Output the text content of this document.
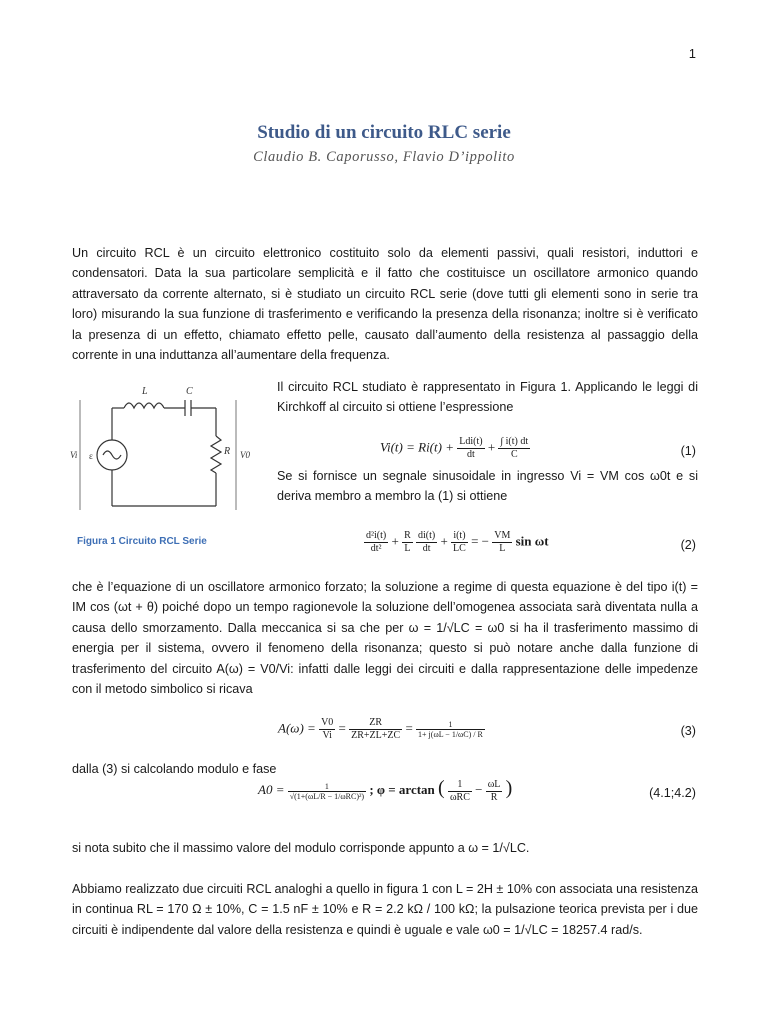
1
Studio di un circuito RLC serie
Claudio B. Caporusso, Flavio D’ippolito
Un circuito RCL è un circuito elettronico costituito solo da elementi passivi, quali resistori, induttori e condensatori. Data la sua particolare semplicità e il fatto che costituisce un oscillatore armonico quando attraversato da corrente alternato, si è studiato un circuito RCL serie (dove tutti gli elementi sono in serie tra loro) misurando la sua funzione di trasferimento e verificando la presenza della risonanza; inoltre si è verificato la presenza di un effetto, chiamato effetto pelle, causato dall’aumento della resistenza al passaggio della corrente in una induttanza all’aumentare della frequenza.
L	C
R
Vi	V0
ε
Figura 1 Circuito RCL Serie
Il circuito RCL studiato è rappresentato in Figura 1. Applicando le leggi di Kirchkoff al circuito si ottiene l’espressione
$Vi(t) = Ri(t) + \frac{\text{Ldi(t)}}{dt} + \frac{\int i(t) dt}{C}$	(1)
Se si fornisce un segnale sinusoidale in ingresso Vi = VM cos ω0t e si deriva membro a membro la (1) si ottiene
$\frac{\text{d²i(t)}}{\text{dt²}} + \frac{R}{L}$
$\frac{di(t)}{dt} + \frac{i(t)}{LC}$ = − $\frac{VM}{L}$ sin ωt	(2)
che è l’equazione di un oscillatore armonico forzato; la soluzione a regime di questa equazione è del tipo i(t) = IM cos (ωt + θ) poiché dopo un tempo ragionevole la soluzione dell’omogenea associata sarà diventata nulla a causa dello smorzamento. Dalla meccanica si sa che per ω = 1/√LC = ω0 si ha il trasferimento massimo di energia per il sistema, ovvero il fenomeno della risonanza; questo si può notare anche dalla funzione di trasferimento del circuito A(ω) = V0/Vi: infatti dalle leggi dei circuiti e dalla rappresentazione delle impedenze con il metodo simbolico si ricava
$A(\omega) = \frac{V0}{Vi} = \frac{ZR}{ZR+ZL+ZC} = \frac{1}{1+ j(\omega L - 1/\omega C) / R}$	(3)
dalla (3) si calcolando modulo e fase
$A0 = \frac{1}{\text{√(1+(ωL/R − 1/ωRC)²)}}$ ; φ = arctan ( $\frac{1}{\text{ωRC}} - \frac{\omega L}{R}$ )	(4.1;4.2)
si nota subito che il massimo valore del modulo corrisponde appunto a ω = 1/√LC.
Abbiamo realizzato due circuiti RCL analoghi a quello in figura 1 con L = 2H ± 10% con associata una resistenza in continua RL = 170 Ω ± 10%, C = 1.5 nF ± 10% e R = 2.2 kΩ / 100 kΩ; la pulsazione teorica prevista per i due circuiti è indipendente dal valore della resistenza e quindi è uguale e vale ω0 = 1/√LC = 18257.4 rad/s.
